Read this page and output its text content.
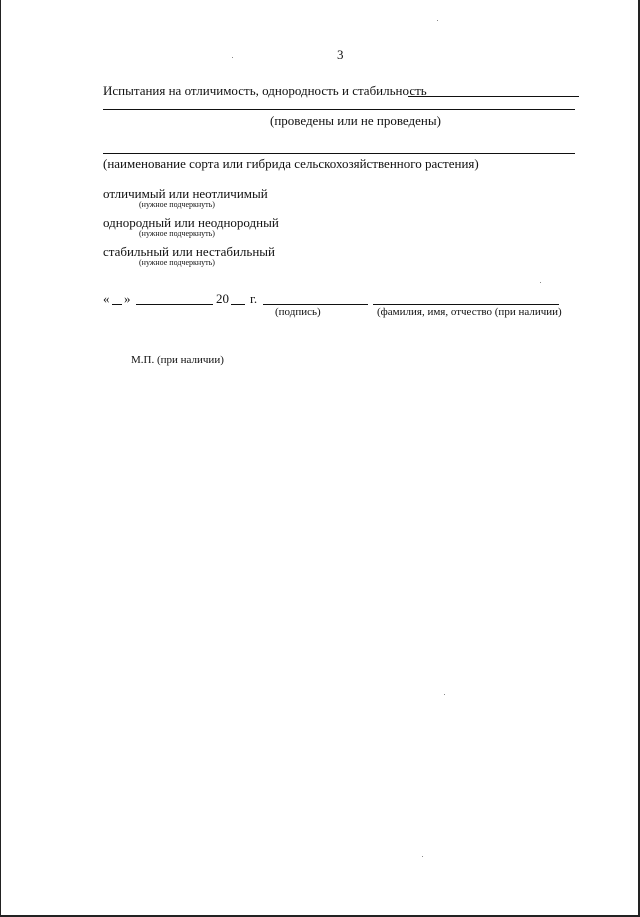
3
Испытания на отличимость, однородность и стабильность
(проведены или не проведены)
(наименование сорта или гибрида сельскохозяйственного растения)
отличимый или неотличимый
(нужное подчеркнуть)
однородный или неоднородный
(нужное подчеркнуть)
стабильный или нестабильный
(нужное подчеркнуть)
« »	20 г.
(подпись)	(фамилия, имя, отчество (при наличии)
М.П. (при наличии)
